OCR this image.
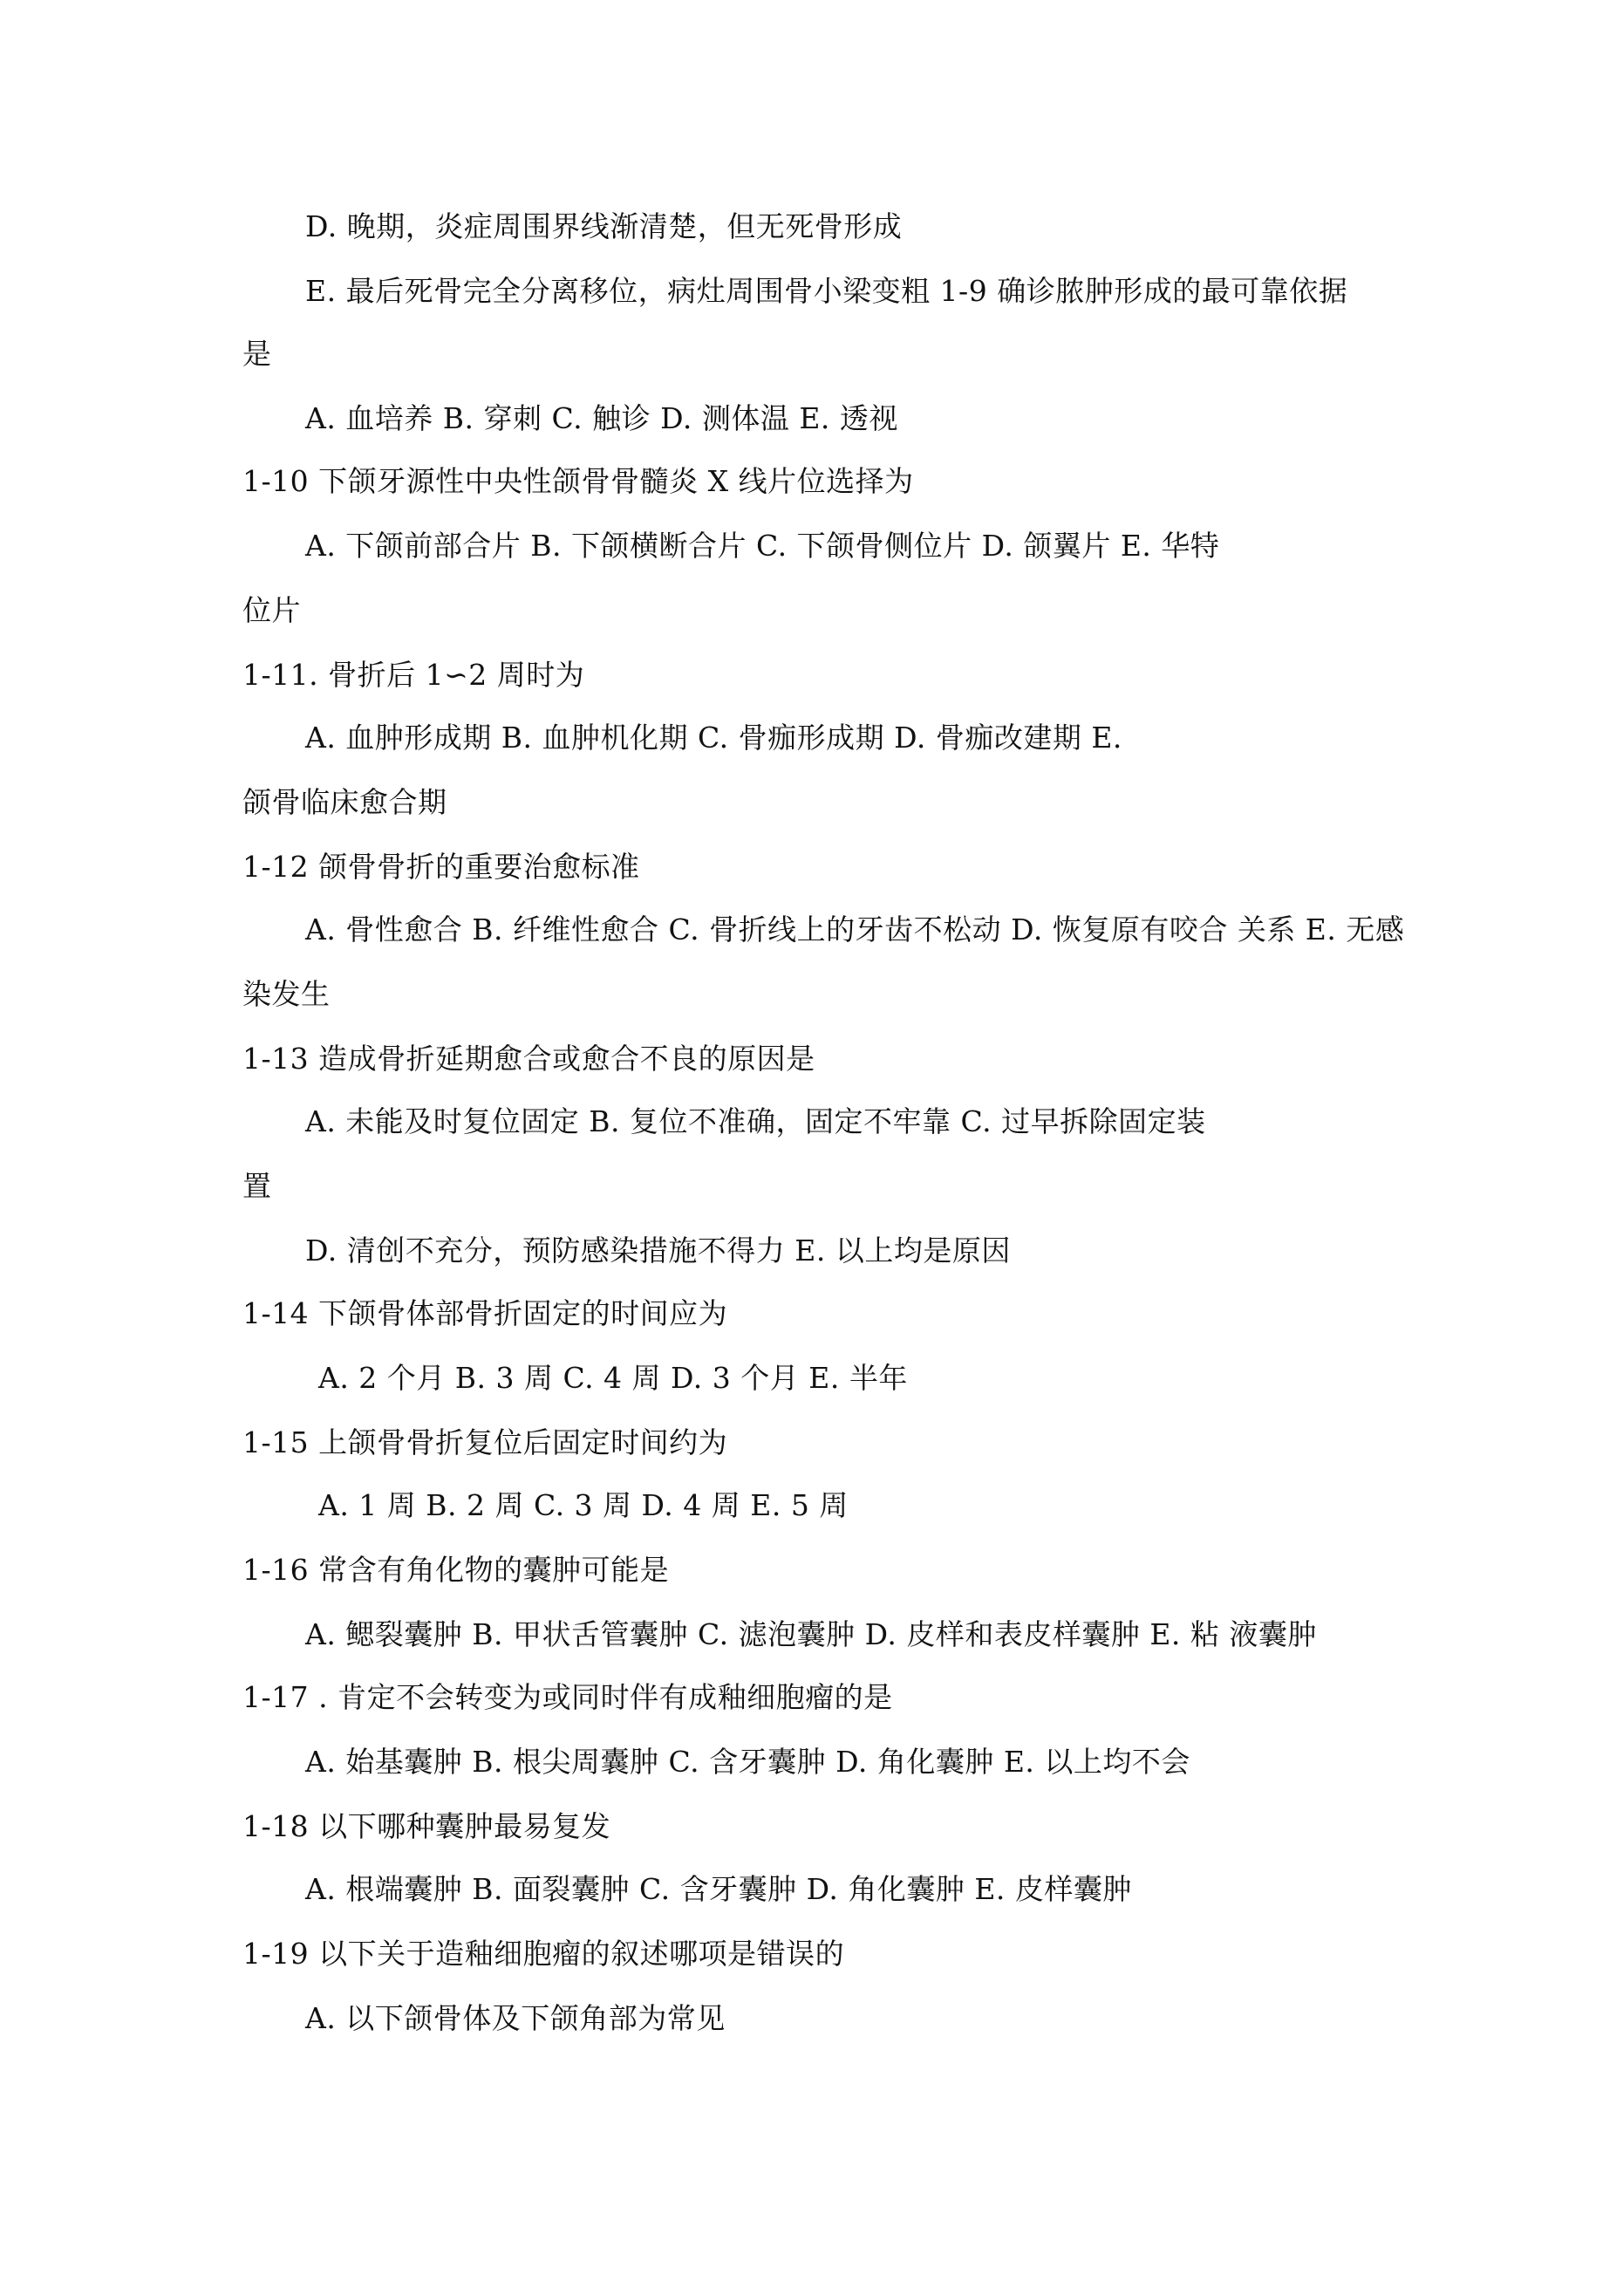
D. 晚期，炎症周围界线渐清楚，但无死骨形成
E. 最后死骨完全分离移位，病灶周围骨小梁变粗 1-9 确诊脓肿形成的最可靠依据
是
A. 血培养 B. 穿刺 C. 触诊 D. 测体温 E. 透视
1-10 下颌牙源性中央性颌骨骨髓炎 X 线片位选择为
A. 下颌前部合片 B. 下颌横断合片 C. 下颌骨侧位片 D. 颌翼片 E. 华特
位片
1-11. 骨折后 1∽2 周时为
A. 血肿形成期 B. 血肿机化期 C. 骨痂形成期 D. 骨痂改建期 E.
颌骨临床愈合期
1-12 颌骨骨折的重要治愈标准
A. 骨性愈合 B. 纤维性愈合 C. 骨折线上的牙齿不松动 D. 恢复原有咬合 关系 E. 无感
染发生
1-13 造成骨折延期愈合或愈合不良的原因是
A. 未能及时复位固定 B. 复位不准确，固定不牢靠 C. 过早拆除固定装
置
D. 清创不充分，预防感染措施不得力 E. 以上均是原因
1-14 下颌骨体部骨折固定的时间应为
A. 2 个月 B. 3 周 C. 4 周 D. 3 个月 E. 半年
1-15 上颌骨骨折复位后固定时间约为
A. 1 周 B. 2 周 C. 3 周 D. 4 周 E. 5 周
1-16 常含有角化物的囊肿可能是
A. 鳃裂囊肿 B. 甲状舌管囊肿 C. 滤泡囊肿 D. 皮样和表皮样囊肿 E. 粘 液囊肿
1-17 . 肯定不会转变为或同时伴有成釉细胞瘤的是
A. 始基囊肿 B. 根尖周囊肿 C. 含牙囊肿 D. 角化囊肿 E. 以上均不会
1-18 以下哪种囊肿最易复发
A. 根端囊肿 B. 面裂囊肿 C. 含牙囊肿 D. 角化囊肿 E. 皮样囊肿
1-19 以下关于造釉细胞瘤的叙述哪项是错误的
A. 以下颌骨体及下颌角部为常见
